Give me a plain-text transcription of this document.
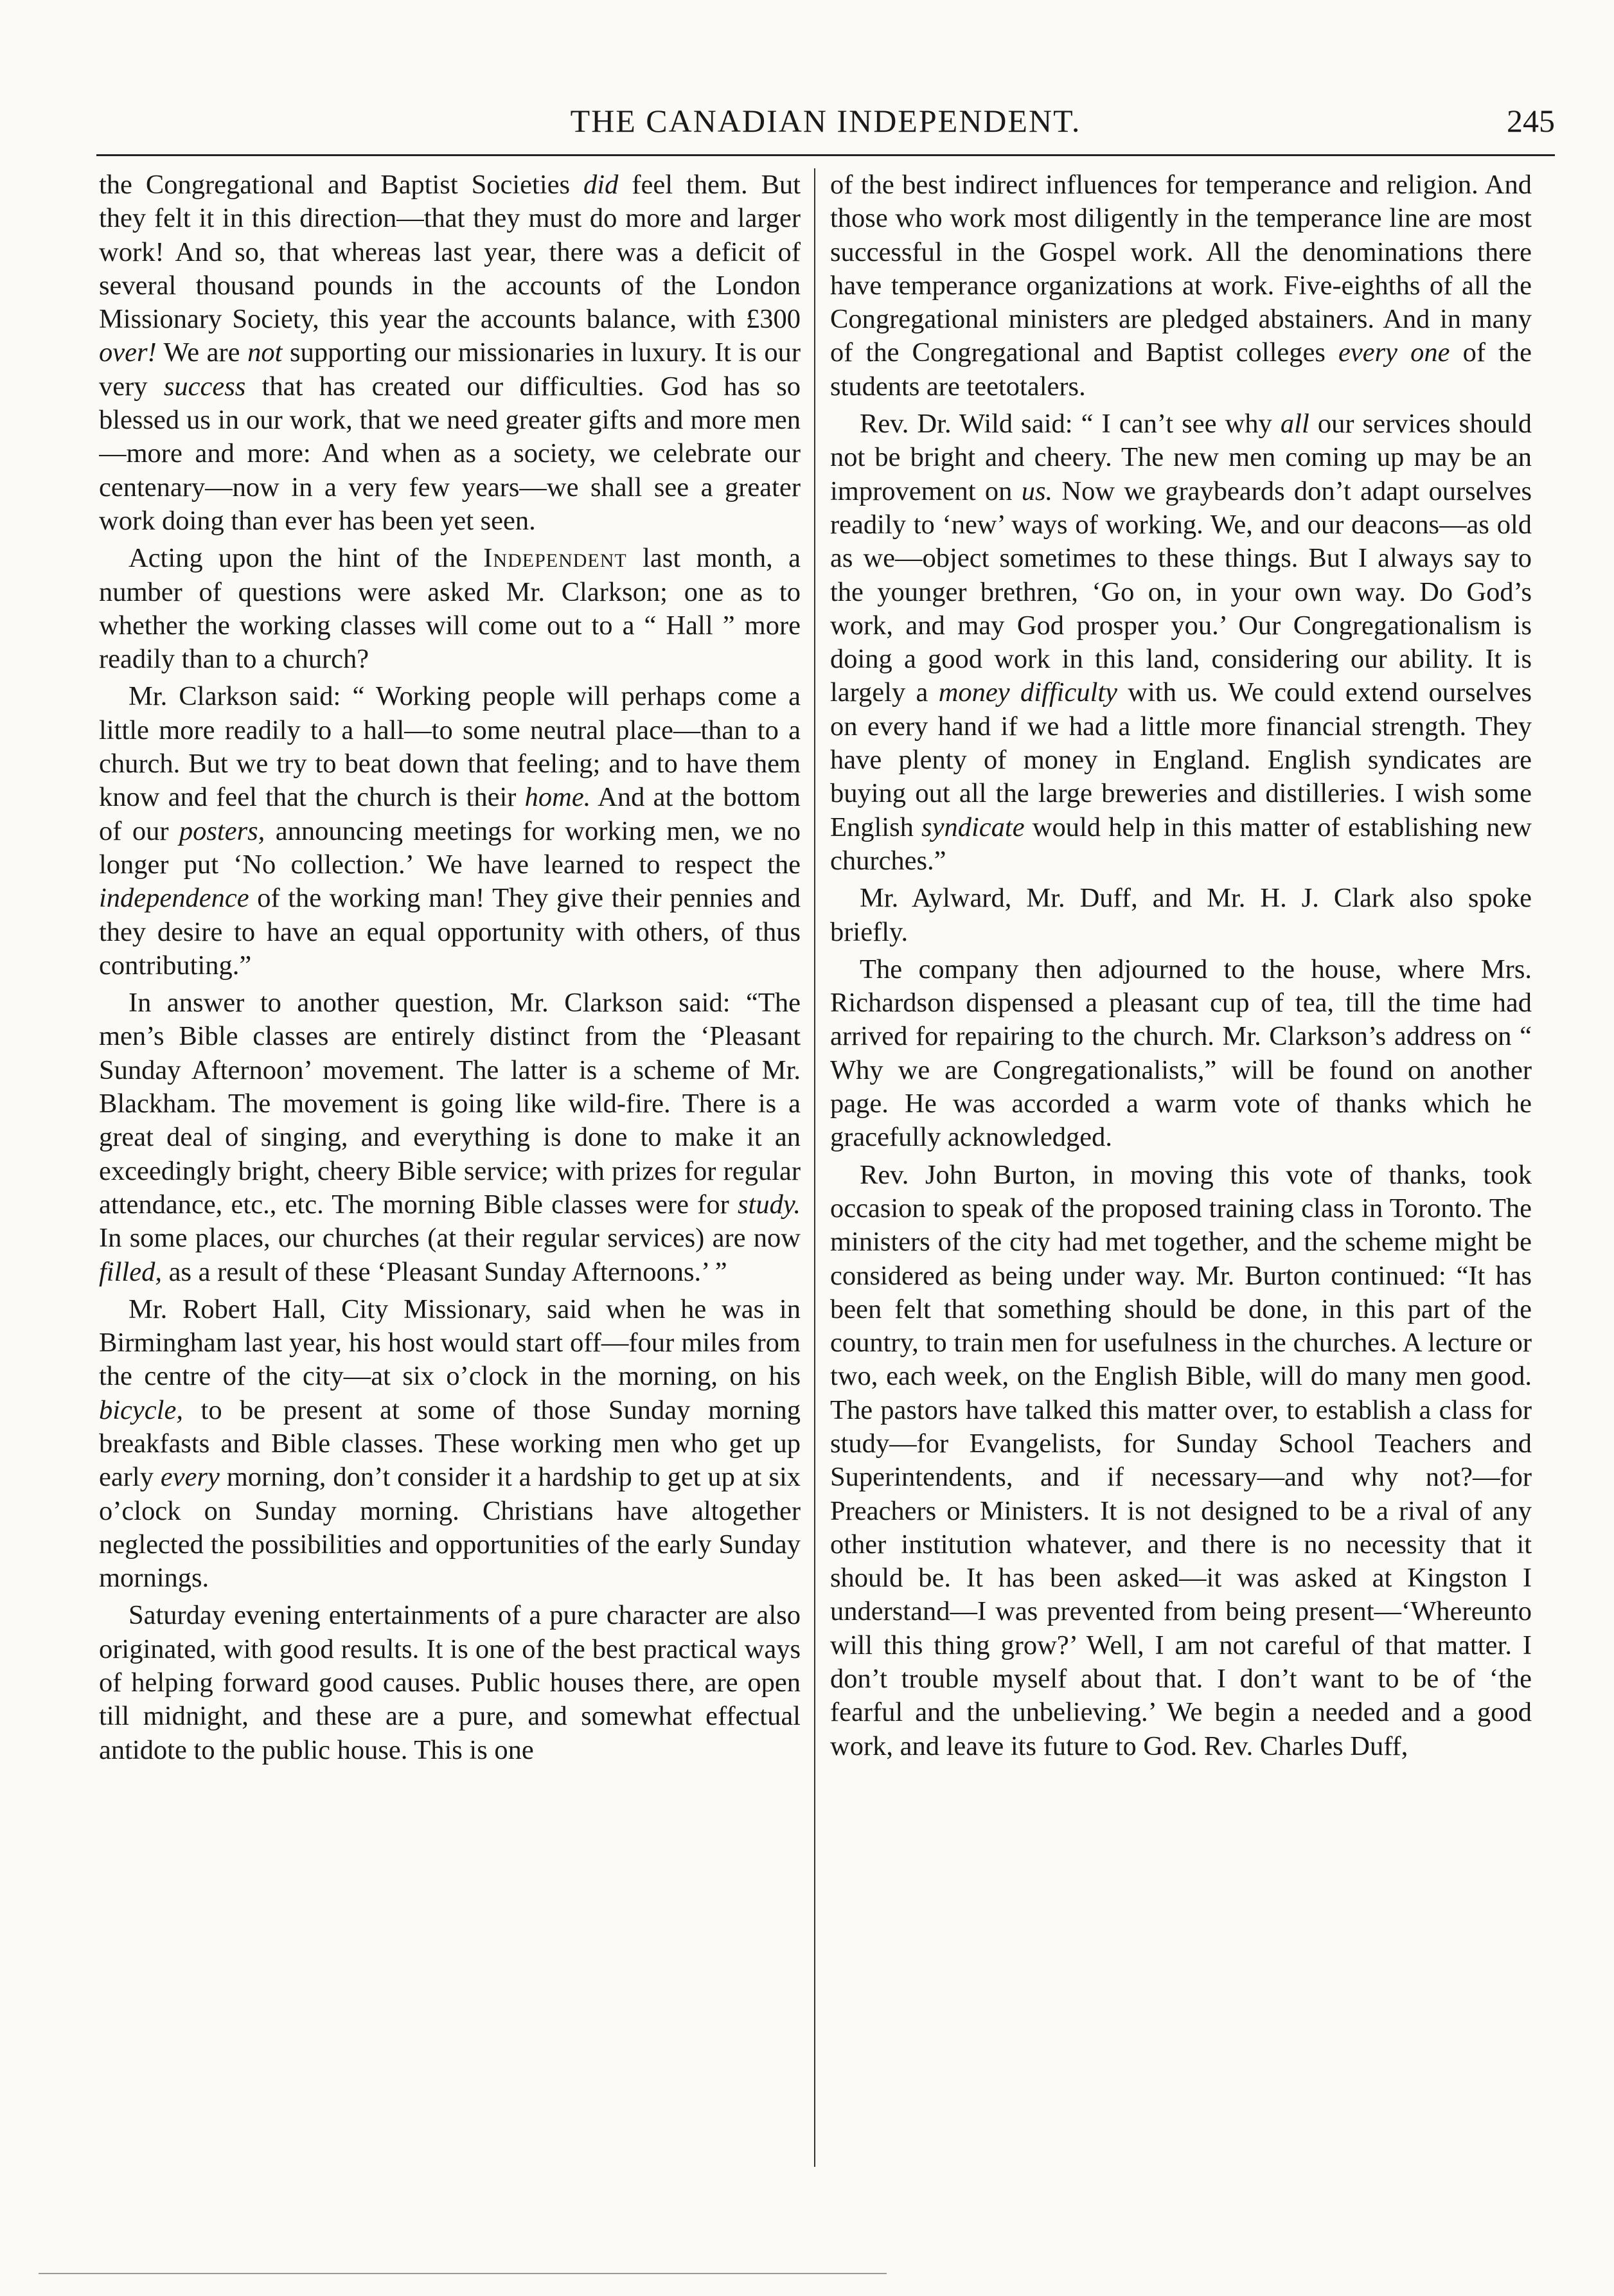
THE CANADIAN INDEPENDENT.	245

the Congregational and Baptist Societies did feel them. But they felt it in this direction—that they must do more and larger work! And so, that whereas last year, there was a deficit of several thousand pounds in the accounts of the London Missionary Society, this year the accounts balance, with £300 over! We are not supporting our missionaries in luxury. It is our very success that has created our difficulties. God has so blessed us in our work, that we need greater gifts and more men—more and more: And when as a society, we celebrate our centenary—now in a very few years—we shall see a greater work doing than ever has been yet seen.

Acting upon the hint of the Independent last month, a number of questions were asked Mr. Clarkson; one as to whether the working classes will come out to a “ Hall ” more readily than to a church?

Mr. Clarkson said: “ Working people will perhaps come a little more readily to a hall—to some neutral place—than to a church. But we try to beat down that feeling; and to have them know and feel that the church is their home. And at the bottom of our posters, announcing meetings for working men, we no longer put ‘No collection.’ We have learned to respect the independence of the working man! They give their pennies and they desire to have an equal opportunity with others, of thus contributing.”

In answer to another question, Mr. Clarkson said: “The men’s Bible classes are entirely distinct from the ‘Pleasant Sunday Afternoon’ movement. The latter is a scheme of Mr. Blackham. The movement is going like wild-fire. There is a great deal of singing, and everything is done to make it an exceedingly bright, cheery Bible service; with prizes for regular attendance, etc., etc. The morning Bible classes were for study. In some places, our churches (at their regular services) are now filled, as a result of these ‘Pleasant Sunday Afternoons.’ ”

Mr. Robert Hall, City Missionary, said when he was in Birmingham last year, his host would start off—four miles from the centre of the city—at six o’clock in the morning, on his bicycle, to be present at some of those Sunday morning breakfasts and Bible classes. These working men who get up early every morning, don’t consider it a hardship to get up at six o’clock on Sunday morning. Christians have altogether neglected the possibilities and opportunities of the early Sunday mornings.

Saturday evening entertainments of a pure character are also originated, with good results. It is one of the best practical ways of helping forward good causes. Public houses there, are open till midnight, and these are a pure, and somewhat effectual antidote to the public house. This is one

of the best indirect influences for temperance and religion. And those who work most diligently in the temperance line are most successful in the Gospel work. All the denominations there have temperance organizations at work. Five-eighths of all the Congregational ministers are pledged abstainers. And in many of the Congregational and Baptist colleges every one of the students are teetotalers.

Rev. Dr. Wild said: “ I can’t see why all our services should not be bright and cheery. The new men coming up may be an improvement on us. Now we graybeards don’t adapt ourselves readily to ‘new’ ways of working. We, and our deacons—as old as we—object sometimes to these things. But I always say to the younger brethren, ‘Go on, in your own way. Do God’s work, and may God prosper you.’ Our Congregationalism is doing a good work in this land, considering our ability. It is largely a money difficulty with us. We could extend ourselves on every hand if we had a little more financial strength. They have plenty of money in England. English syndicates are buying out all the large breweries and distilleries. I wish some English syndicate would help in this matter of establishing new churches.”

Mr. Aylward, Mr. Duff, and Mr. H. J. Clark also spoke briefly.

The company then adjourned to the house, where Mrs. Richardson dispensed a pleasant cup of tea, till the time had arrived for repairing to the church. Mr. Clarkson’s address on “ Why we are Congregationalists,” will be found on another page. He was accorded a warm vote of thanks which he gracefully acknowledged.

Rev. John Burton, in moving this vote of thanks, took occasion to speak of the proposed training class in Toronto. The ministers of the city had met together, and the scheme might be considered as being under way. Mr. Burton continued: “It has been felt that something should be done, in this part of the country, to train men for usefulness in the churches. A lecture or two, each week, on the English Bible, will do many men good. The pastors have talked this matter over, to establish a class for study—for Evangelists, for Sunday School Teachers and Superintendents, and if necessary—and why not?—for Preachers or Ministers. It is not designed to be a rival of any other institution whatever, and there is no necessity that it should be. It has been asked—it was asked at Kingston I understand—I was prevented from being present—‘Whereunto will this thing grow?’ Well, I am not careful of that matter. I don’t trouble myself about that. I don’t want to be of ‘the fearful and the unbelieving.’ We begin a needed and a good work, and leave its future to God. Rev. Charles Duff,
